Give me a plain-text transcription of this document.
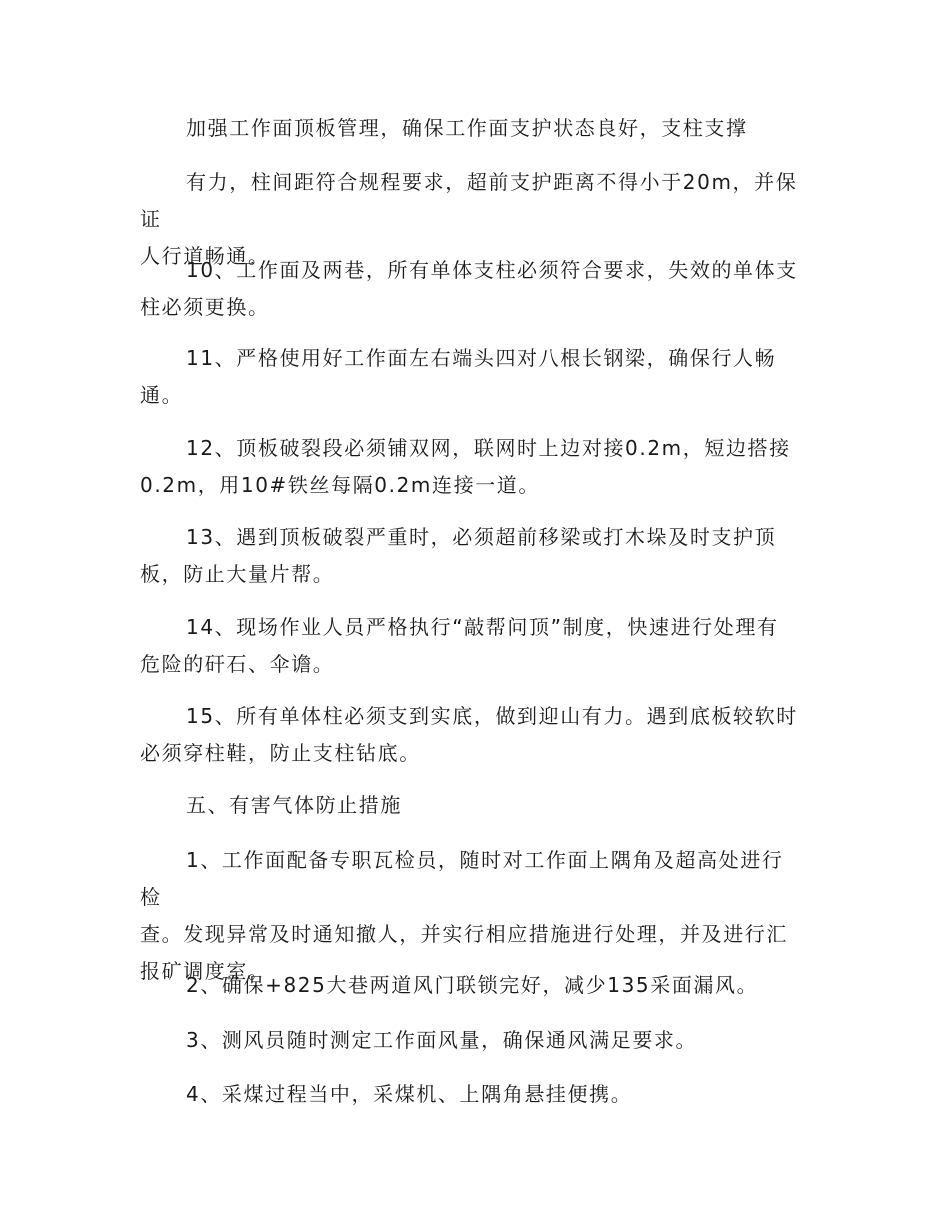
加强工作面顶板管理，确保工作面支护状态良好，支柱支撑

有力，柱间距符合规程要求，超前支护距离不得小于20m，并保证
人行道畅通。

10、工作面及两巷，所有单体支柱必须符合要求，失效的单体支
柱必须更换。

11、严格使用好工作面左右端头四对八根长钢梁，确保行人畅
通。

12、顶板破裂段必须铺双网，联网时上边对接0.2m，短边搭接
0.2m，用10#铁丝每隔0.2m连接一道。

13、遇到顶板破裂严重时，必须超前移梁或打木垛及时支护顶
板，防止大量片帮。

14、现场作业人员严格执行“敲帮问顶”制度，快速进行处理有
危险的矸石、伞谵。

15、所有单体柱必须支到实底，做到迎山有力。遇到底板较软时
必须穿柱鞋，防止支柱钻底。

五、有害气体防止措施

1、工作面配备专职瓦检员，随时对工作面上隅角及超高处进行检
查。发现异常及时通知撤人，并实行相应措施进行处理，并及进行汇
报矿调度室。

2、确保+825大巷两道风门联锁完好，减少135采面漏风。

3、测风员随时测定工作面风量，确保通风满足要求。

4、采煤过程当中，采煤机、上隅角悬挂便携。
